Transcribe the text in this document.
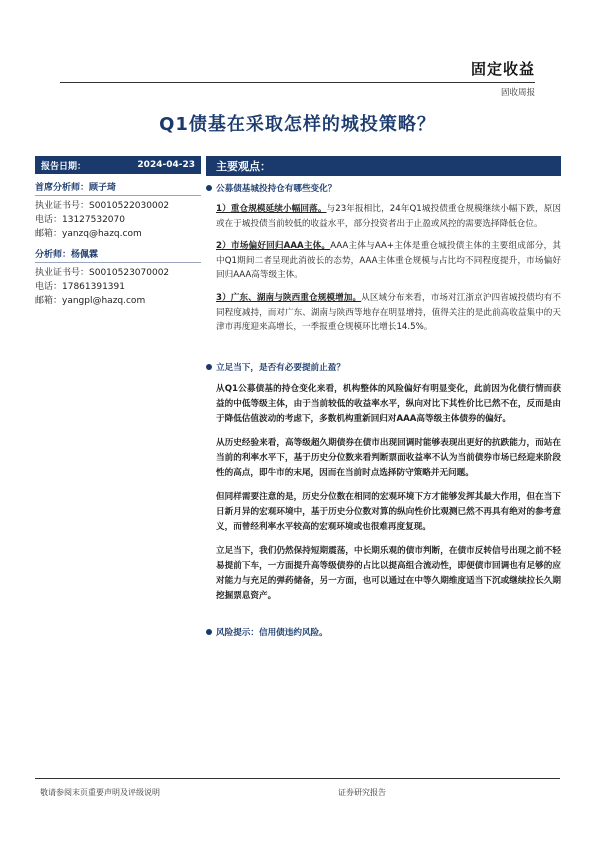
固定收益
固收周报
Q1债基在采取怎样的城投策略？
报告日期：	2024-04-23
首席分析师：顾子琦
执业证书号：S0010522030002
电话：13127532070
邮箱：yanzq@hazq.com
分析师：杨佩霖
执业证书号：S0010523070002
电话：17861391391
邮箱：yangpl@hazq.com
主要观点：
公募债基城投持仓有哪些变化？
1）重仓规模延续小幅回落。与23年报相比，24年Q1城投债重仓规模继续小幅下跌，原因或在于城投债当前较低的收益水平，部分投资者出于止盈或风控的需要选择降低仓位。
2）市场偏好回归AAA主体。AAA主体与AA+主体是重仓城投债主体的主要组成部分，其中Q1期间二者呈现此消彼长的态势，AAA主体重仓规模与占比均不同程度提升，市场偏好回归AAA高等级主体。
3）广东、湖南与陕西重仓规模增加。从区域分布来看，市场对江浙京沪四省城投债均有不同程度减持，而对广东、湖南与陕西等地存在明显增持，值得关注的是此前高收益集中的天津市再度迎来高增长，一季报重仓规模环比增长14.5%。
立足当下，是否有必要提前止盈？
从Q1公募债基的持仓变化来看，机构整体的风险偏好有明显变化，此前因为化债行情而获益的中低等级主体，由于当前较低的收益率水平，纵向对比下其性价比已然不在，反而是由于降低估值波动的考虑下，多数机构重新回归对AAA高等级主体债券的偏好。
从历史经验来看，高等级超久期债券在债市出现回调时能够表现出更好的抗跌能力，而站在当前的利率水平下，基于历史分位数来看判断票面收益率不认为当前债券市场已经迎来阶段性的高点，即牛市的末尾，因而在当前时点选择防守策略并无问题。
但同样需要注意的是，历史分位数在相同的宏观环境下方才能够发挥其最大作用，但在当下日新月异的宏观环境中，基于历史分位数对算的纵向性价比观测已然不再具有绝对的参考意义，而曾经利率水平较高的宏观环境或也很难再度复现。
立足当下，我们仍然保持短期震荡，中长期乐观的债市判断，在债市反转信号出现之前不轻易提前下车，一方面提升高等级债券的占比以提高组合流动性，即便债市回调也有足够的应对能力与充足的弹药储备，另一方面，也可以通过在中等久期维度适当下沉或继续拉长久期挖掘票息资产。
风险提示：信用债违约风险。
敬请参阅末页重要声明及评级说明	证券研究报告
